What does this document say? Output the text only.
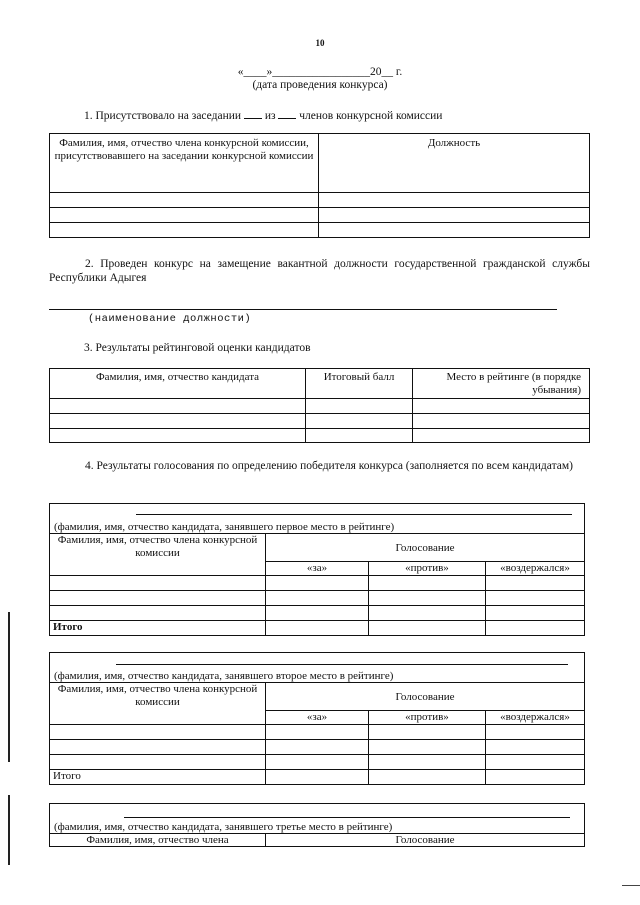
10
«____»_________________20__ г.
(дата проведения конкурса)
1. Присутствовало на заседании из членов конкурсной комиссии
Фамилия, имя, отчество члена конкурсной комиссии, присутствовавшего на заседании конкурсной комиссии	Должность

2. Проведен конкурс на замещение вакантной должности государственной гражданской службы Республики Адыгея
(наименование должности)
3. Результаты рейтинговой оценки кандидатов
Фамилия, имя, отчество кандидата	Итоговый балл	Место в рейтинге (в порядке убывания)

4. Результаты голосования по определению победителя конкурса (заполняется по всем кандидатам)
(фамилия, имя, отчество кандидата, занявшего первое место в рейтинге)			
Фамилия, имя, отчество члена конкурсной комиссии	Голосование		
	«за»	«против»	«воздержался»

Итого			
(фамилия, имя, отчество кандидата, занявшего второе место в рейтинге)			
Фамилия, имя, отчество члена конкурсной комиссии	Голосование		
	«за»	«против»	«воздержался»

Итого			
(фамилия, имя, отчество кандидата, занявшего третье место в рейтинге)
Фамилия, имя, отчество члена	Голосование
